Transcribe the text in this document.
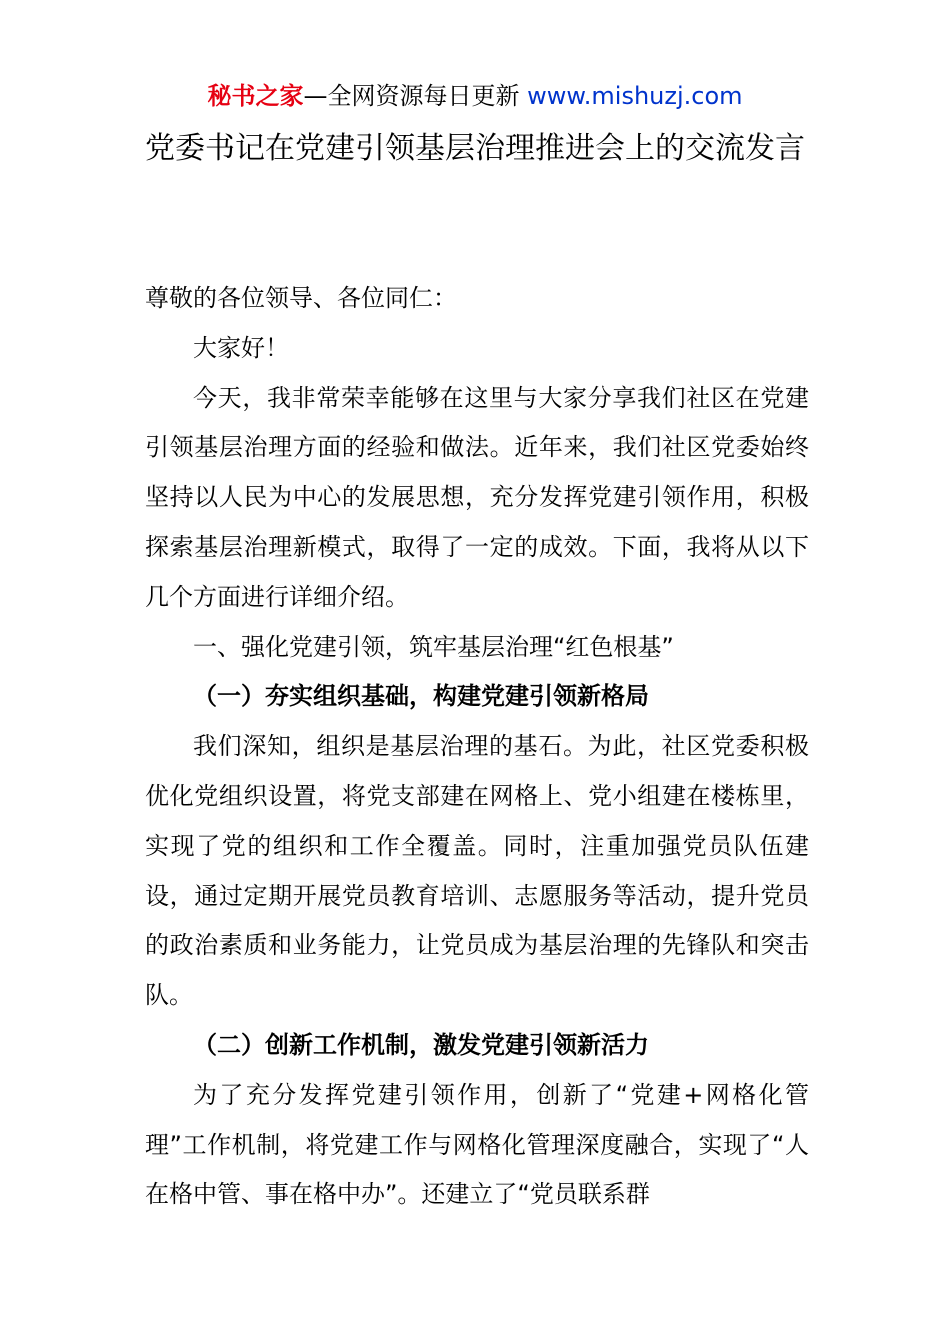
秘书之家—全网资源每日更新 www.mishuzj.com
党委书记在党建引领基层治理推进会上的交流发言

尊敬的各位领导、各位同仁：

大家好！

今天，我非常荣幸能够在这里与大家分享我们社区在党建引领基层治理方面的经验和做法。近年来，我们社区党委始终坚持以人民为中心的发展思想，充分发挥党建引领作用，积极探索基层治理新模式，取得了一定的成效。下面，我将从以下几个方面进行详细介绍。

一、强化党建引领，筑牢基层治理“红色根基”

（一）夯实组织基础，构建党建引领新格局

我们深知，组织是基层治理的基石。为此，社区党委积极优化党组织设置，将党支部建在网格上、党小组建在楼栋里，实现了党的组织和工作全覆盖。同时，注重加强党员队伍建设，通过定期开展党员教育培训、志愿服务等活动，提升党员的政治素质和业务能力，让党员成为基层治理的先锋队和突击队。

（二）创新工作机制，激发党建引领新活力

为了充分发挥党建引领作用，创新了“党建+网格化管理”工作机制，将党建工作与网格化管理深度融合，实现了“人在格中管、事在格中办”。还建立了“党员联系群
